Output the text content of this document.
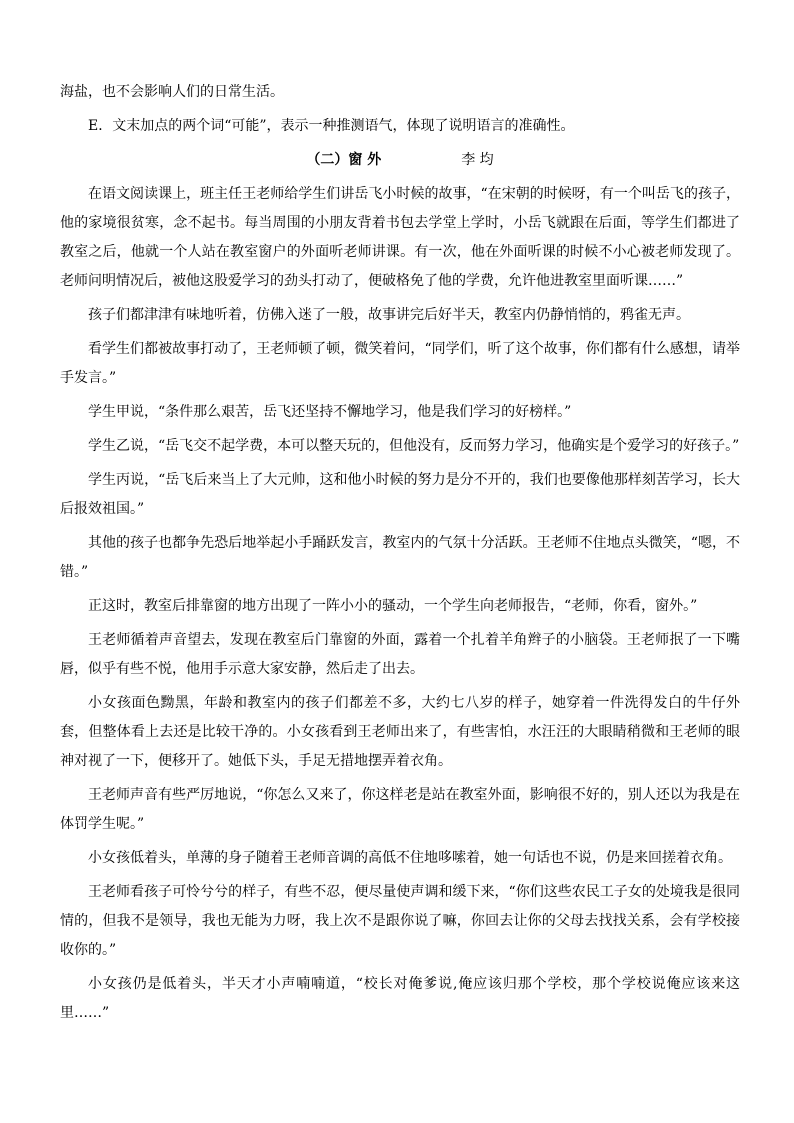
海盐，也不会影响人们的日常生活。

E．文末加点的两个词“可能”，表示一种推测语气，体现了说明语言的准确性。

（二）窗 外	李 均

在语文阅读课上，班主任王老师给学生们讲岳飞小时候的故事，“在宋朝的时候呀，有一个叫岳飞的孩子，他的家境很贫寒，念不起书。每当周围的小朋友背着书包去学堂上学时，小岳飞就跟在后面，等学生们都进了教室之后，他就一个人站在教室窗户的外面听老师讲课。有一次，他在外面听课的时候不小心被老师发现了。老师问明情况后，被他这股爱学习的劲头打动了，便破格免了他的学费，允许他进教室里面听课……”

孩子们都津津有味地听着，仿佛入迷了一般，故事讲完后好半天，教室内仍静悄悄的，鸦雀无声。

看学生们都被故事打动了，王老师顿了顿，微笑着问，“同学们，听了这个故事，你们都有什么感想，请举手发言。”

学生甲说，“条件那么艰苦，岳飞还坚持不懈地学习，他是我们学习的好榜样。”

学生乙说，“岳飞交不起学费，本可以整天玩的，但他没有，反而努力学习，他确实是个爱学习的好孩子。”

学生丙说，“岳飞后来当上了大元帅，这和他小时候的努力是分不开的，我们也要像他那样刻苦学习，长大后报效祖国。”

其他的孩子也都争先恐后地举起小手踊跃发言，教室内的气氛十分活跃。王老师不住地点头微笑，“嗯，不错。”

正这时，教室后排靠窗的地方出现了一阵小小的骚动，一个学生向老师报告，“老师，你看，窗外。”

王老师循着声音望去，发现在教室后门靠窗的外面，露着一个扎着羊角辫子的小脑袋。王老师抿了一下嘴唇，似乎有些不悦，他用手示意大家安静，然后走了出去。

小女孩面色黝黑，年龄和教室内的孩子们都差不多，大约七八岁的样子，她穿着一件洗得发白的牛仔外套，但整体看上去还是比较干净的。小女孩看到王老师出来了，有些害怕，水汪汪的大眼睛稍微和王老师的眼神对视了一下，便移开了。她低下头，手足无措地摆弄着衣角。

王老师声音有些严厉地说，“你怎么又来了，你这样老是站在教室外面，影响很不好的，别人还以为我是在体罚学生呢。”

小女孩低着头，单薄的身子随着王老师音调的高低不住地哆嗦着，她一句话也不说，仍是来回搓着衣角。

王老师看孩子可怜兮兮的样子，有些不忍，便尽量使声调和缓下来，“你们这些农民工子女的处境我是很同情的，但我不是领导，我也无能为力呀，我上次不是跟你说了嘛，你回去让你的父母去找找关系，会有学校接收你的。”

小女孩仍是低着头，半天才小声喃喃道，“校长对俺爹说,俺应该归那个学校，那个学校说俺应该来这里……”
